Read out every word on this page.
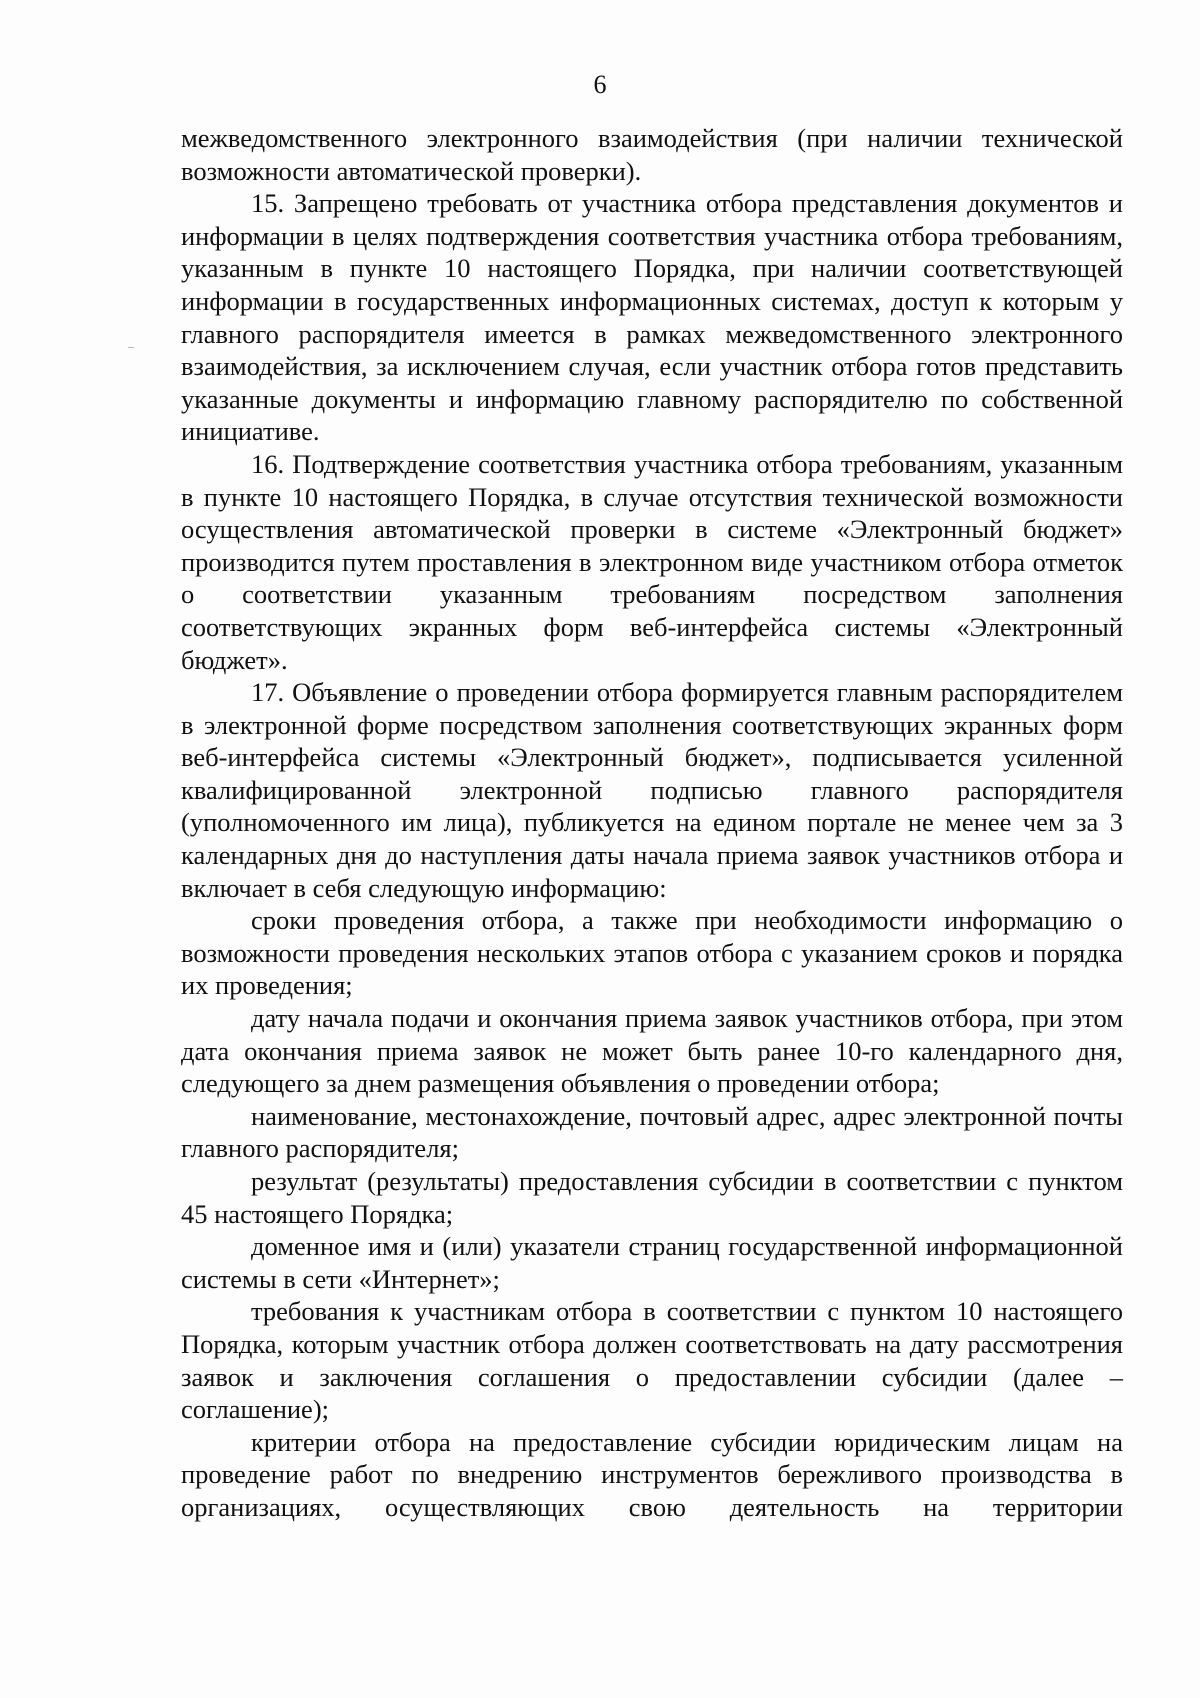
6

межведомственного электронного взаимодействия (при наличии технической возможности автоматической проверки).

15. Запрещено требовать от участника отбора представления документов и информации в целях подтверждения соответствия участника отбора требованиям, указанным в пункте 10 настоящего Порядка, при наличии соответствующей информации в государственных информационных системах, доступ к которым у главного распорядителя имеется в рамках межведомственного электронного взаимодействия, за исключением случая, если участник отбора готов представить указанные документы и информацию главному распорядителю по собственной инициативе.

16. Подтверждение соответствия участника отбора требованиям, указанным в пункте 10 настоящего Порядка, в случае отсутствия технической возможности осуществления автоматической проверки в системе «Электронный бюджет» производится путем проставления в электронном виде участником отбора отметок о соответствии указанным требованиям посредством заполнения соответствующих экранных форм веб-интерфейса системы «Электронный бюджет».

17. Объявление о проведении отбора формируется главным распорядителем в электронной форме посредством заполнения соответствующих экранных форм веб-интерфейса системы «Электронный бюджет», подписывается усиленной квалифицированной электронной подписью главного распорядителя (уполномоченного им лица), публикуется на едином портале не менее чем за 3 календарных дня до наступления даты начала приема заявок участников отбора и включает в себя следующую информацию:

сроки проведения отбора, а также при необходимости информацию о возможности проведения нескольких этапов отбора с указанием сроков и порядка их проведения;

дату начала подачи и окончания приема заявок участников отбора, при этом дата окончания приема заявок не может быть ранее 10-го календарного дня, следующего за днем размещения объявления о проведении отбора;

наименование, местонахождение, почтовый адрес, адрес электронной почты главного распорядителя;

результат (результаты) предоставления субсидии в соответствии с пунктом 45 настоящего Порядка;

доменное имя и (или) указатели страниц государственной информационной системы в сети «Интернет»;

требования к участникам отбора в соответствии с пунктом 10 настоящего Порядка, которым участник отбора должен соответствовать на дату рассмотрения заявок и заключения соглашения о предоставлении субсидии (далее – соглашение);

критерии отбора на предоставление субсидии юридическим лицам на проведение работ по внедрению инструментов бережливого производства в организациях, осуществляющих свою деятельность на территории
